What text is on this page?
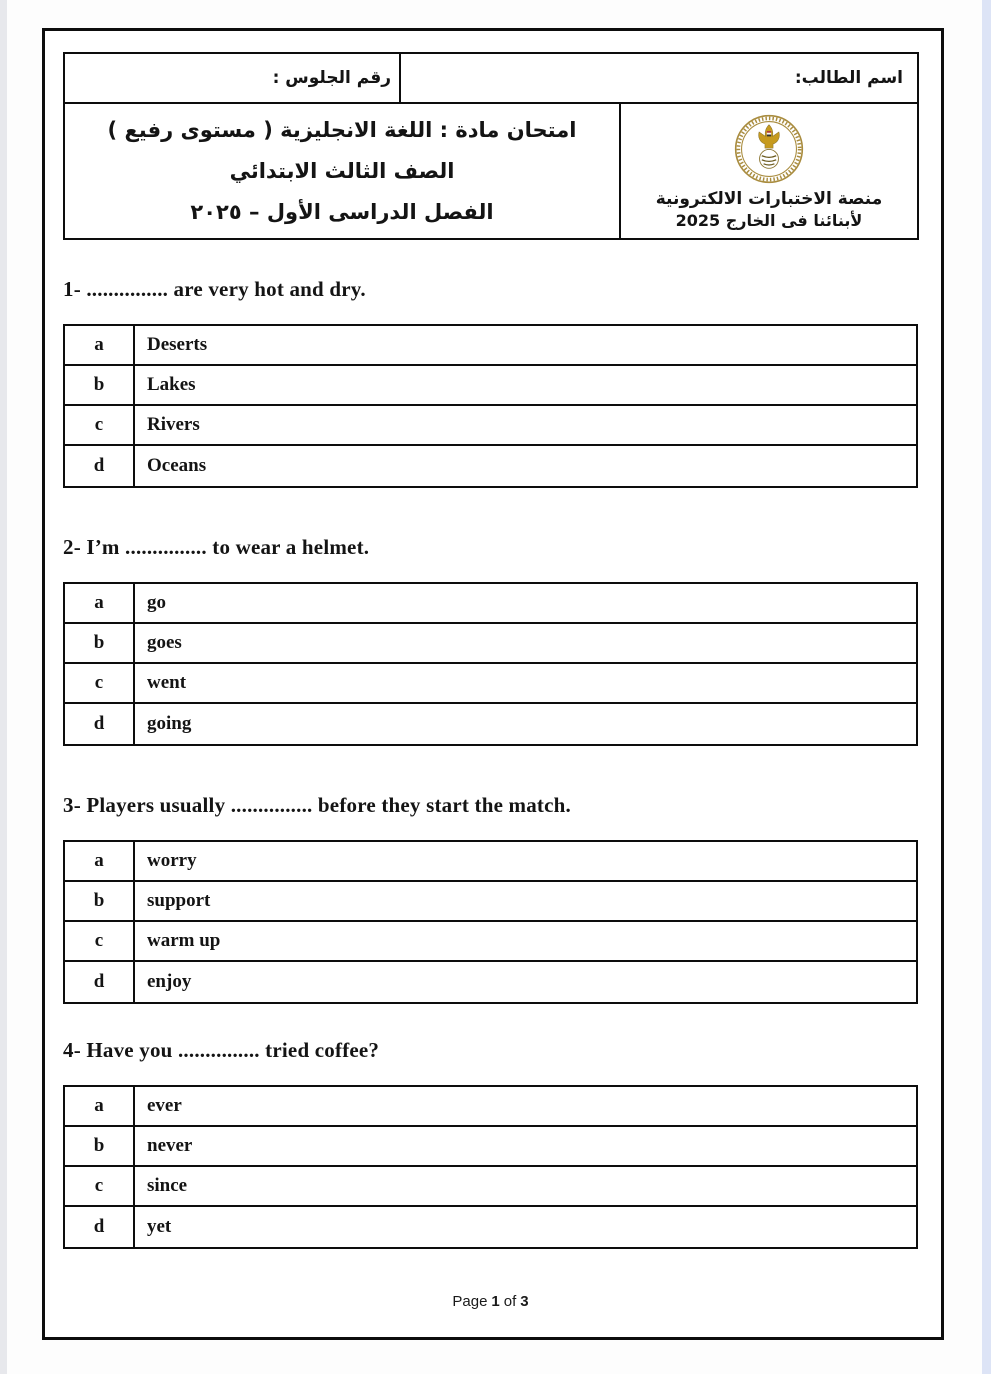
رقم الجلوس :	اسم الطالب:
امتحان مادة : اللغة الانجليزية ( مستوى رفيع )
الصف الثالث الابتدائي
الفصل الدراسى الأول – ٢٠٢٥
منصة الاختبارات الالكترونية
لأبنائنا فى الخارج 2025

1- ............... are very hot and dry.

a	Deserts
b	Lakes
c	Rivers
d	Oceans

2- I’m ............... to wear a helmet.

a	go
b	goes
c	went
d	going

3- Players usually ............... before they start the match.

a	worry
b	support
c	warm up
d	enjoy

4- Have you ............... tried coffee?

a	ever
b	never
c	since
d	yet
Page 1 of 3
